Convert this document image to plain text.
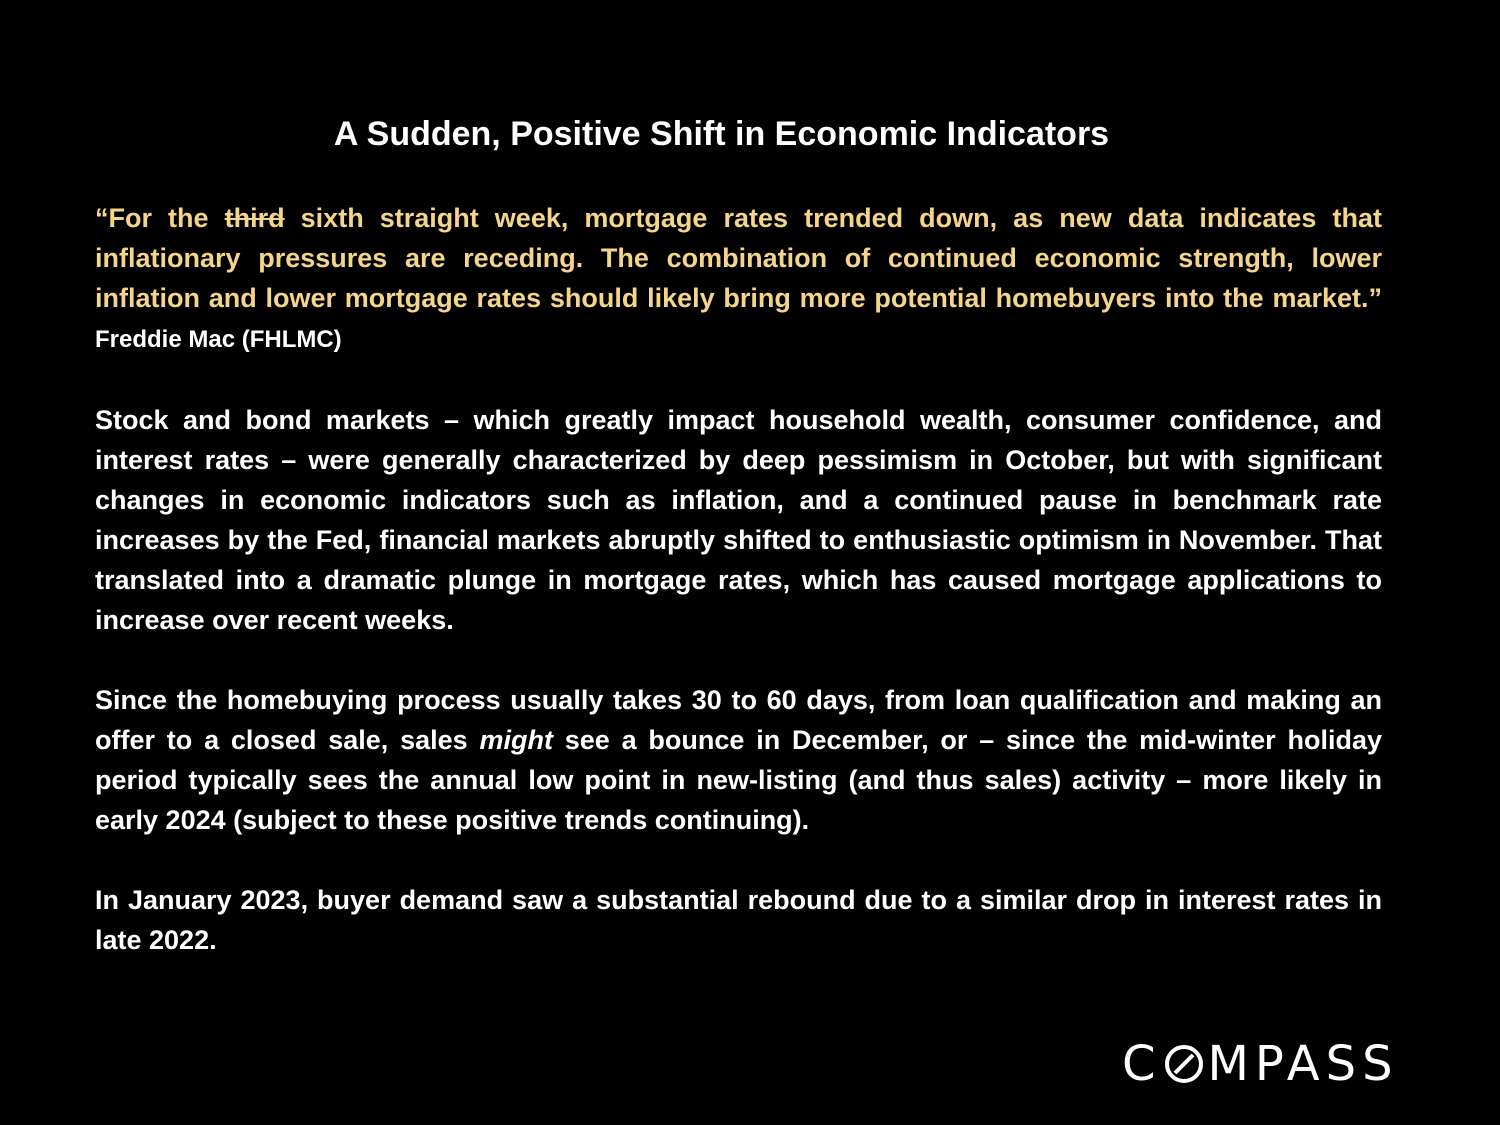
A Sudden, Positive Shift in Economic Indicators

“For the third sixth straight week, mortgage rates trended down, as new data indicates that inflationary pressures are receding. The combination of continued economic strength, lower inflation and lower mortgage rates should likely bring more potential homebuyers into the market.” Freddie Mac (FHLMC)

Stock and bond markets – which greatly impact household wealth, consumer confidence, and interest rates – were generally characterized by deep pessimism in October, but with significant changes in economic indicators such as inflation, and a continued pause in benchmark rate increases by the Fed, financial markets abruptly shifted to enthusiastic optimism in November. That translated into a dramatic plunge in mortgage rates, which has caused mortgage applications to increase over recent weeks.

Since the homebuying process usually takes 30 to 60 days, from loan qualification and making an offer to a closed sale, sales might see a bounce in December, or – since the mid-winter holiday period typically sees the annual low point in new-listing (and thus sales) activity – more likely in early 2024 (subject to these positive trends continuing).

In January 2023, buyer demand saw a substantial rebound due to a similar drop in interest rates in late 2022.

C MPASS
